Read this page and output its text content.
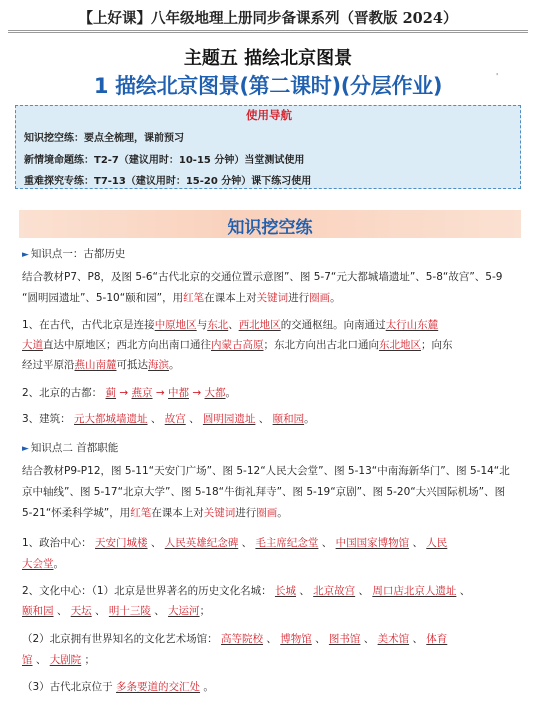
【上好课】八年级地理上册同步备课系列（晋教版 2024）
主题五 描绘北京图景
1 描绘北京图景(第二课时)(分层作业)	'
使用导航
知识挖空练：要点全梳理，课前预习
新情境命题练：T2-7（建议用时：10-15 分钟）当堂测试使用
重难探究专练：T7-13（建议用时：15-20 分钟）课下练习使用
知识挖空练
► 知识点一：古都历史
结合教材P7、P8，及图 5-6“古代北京的交通位置示意图”、图 5-7“元大都城墙遗址”、5-8“故宫”、5-9
“圆明园遗址”、5-10“颐和园”，用红笔在课本上对关键词进行圈画。
1、在古代，古代北京是连接中原地区与东北、西北地区的交通枢纽。向南通过太行山东麓
大道直达中原地区；西北方向出南口通往内蒙古高原；东北方向出古北口通向东北地区；向东
经过平原沿燕山南麓可抵达海滨。
2、北京的古都： 蓟 → 燕京 → 中都 → 大都。
3、建筑： 元大都城墙遗址 、 故宫 、 圆明园遗址 、 颐和园。
► 知识点二 首都职能
结合教材P9-P12，图 5-11“天安门广场”、图 5-12“人民大会堂”、图 5-13“中南海新华门”、图 5-14“北
京中轴线”、图 5-17“北京大学”、图 5-18“牛街礼拜寺”、图 5-19“京剧”、图 5-20“大兴国际机场”、图
5-21“怀柔科学城”，用红笔在课本上对关键词进行圈画。
1、政治中心： 天安门城楼 、 人民英雄纪念碑 、 毛主席纪念堂 、 中国国家博物馆 、 人民
大会堂。
2、文化中心：（1）北京是世界著名的历史文化名城： 长城 、 北京故宫 、 周口店北京人遗址 、
颐和园 、 天坛 、 明十三陵 、 大运河；
（2）北京拥有世界知名的文化艺术场馆： 高等院校 、 博物馆 、 图书馆 、 美术馆 、 体育
馆 、 大剧院 ；
（3）古代北京位于 多条要道的交汇处 。
